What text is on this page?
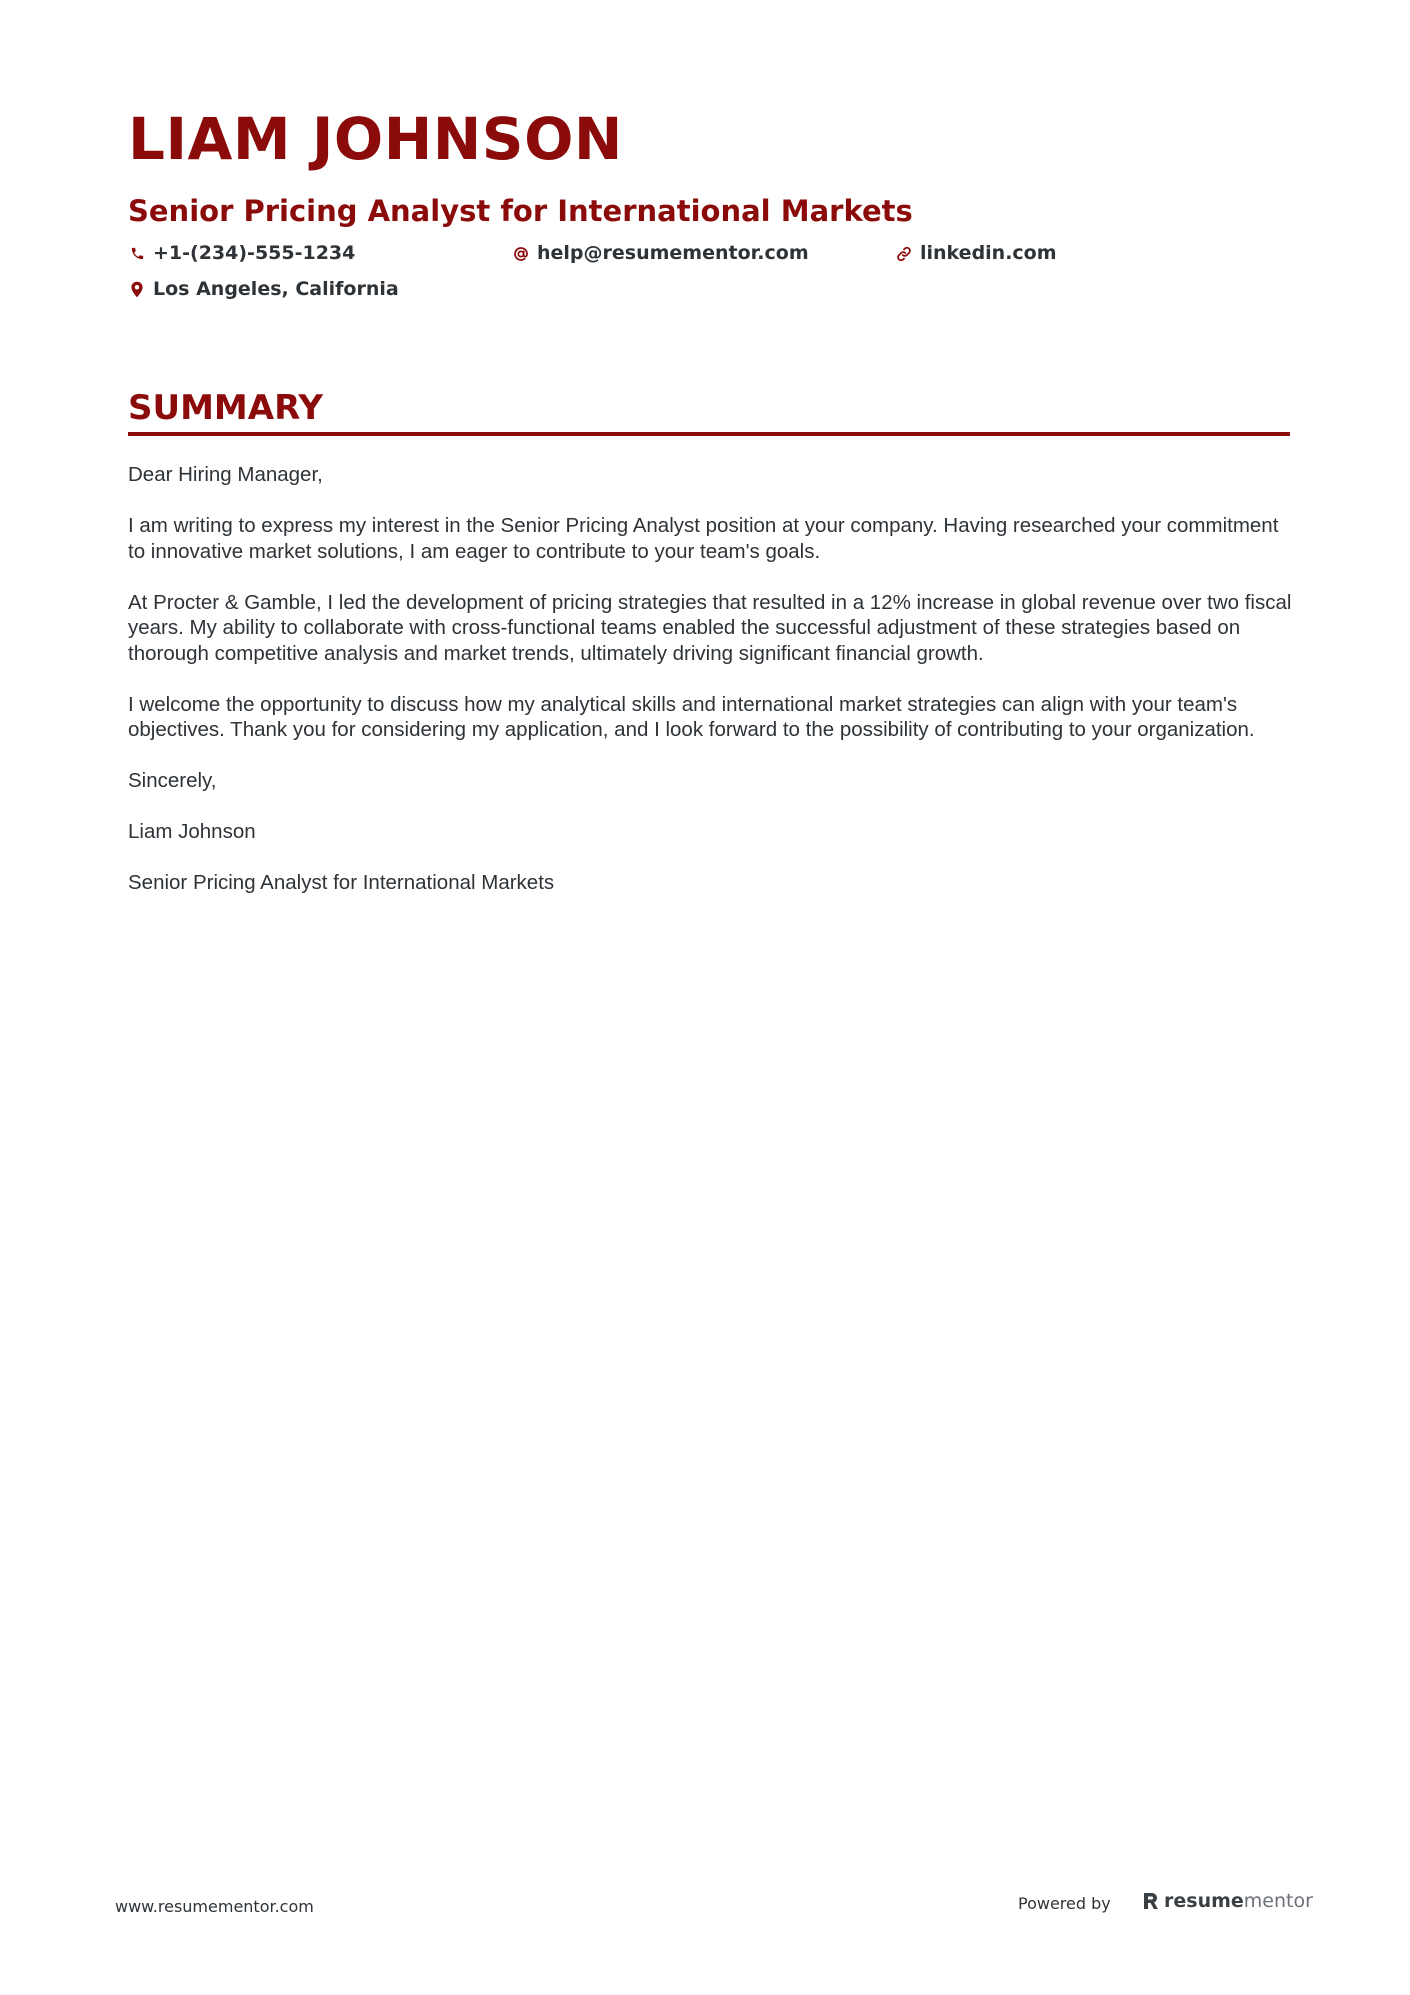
LIAM JOHNSON
Senior Pricing Analyst for International Markets
+1-(234)-555-1234	help@resumementor.com	linkedin.com
Los Angeles, California
SUMMARY

Dear Hiring Manager,

I am writing to express my interest in the Senior Pricing Analyst position at your company. Having researched your commitment to innovative market solutions, I am eager to contribute to your team's goals.

At Procter & Gamble, I led the development of pricing strategies that resulted in a 12% increase in global revenue over two fiscal years. My ability to collaborate with cross-functional teams enabled the successful adjustment of these strategies based on thorough competitive analysis and market trends, ultimately driving significant financial growth.

I welcome the opportunity to discuss how my analytical skills and international market strategies can align with your team's objectives. Thank you for considering my application, and I look forward to the possibility of contributing to your organization.

Sincerely,

Liam Johnson

Senior Pricing Analyst for International Markets

www.resumementor.com	Powered by	resume mentor
